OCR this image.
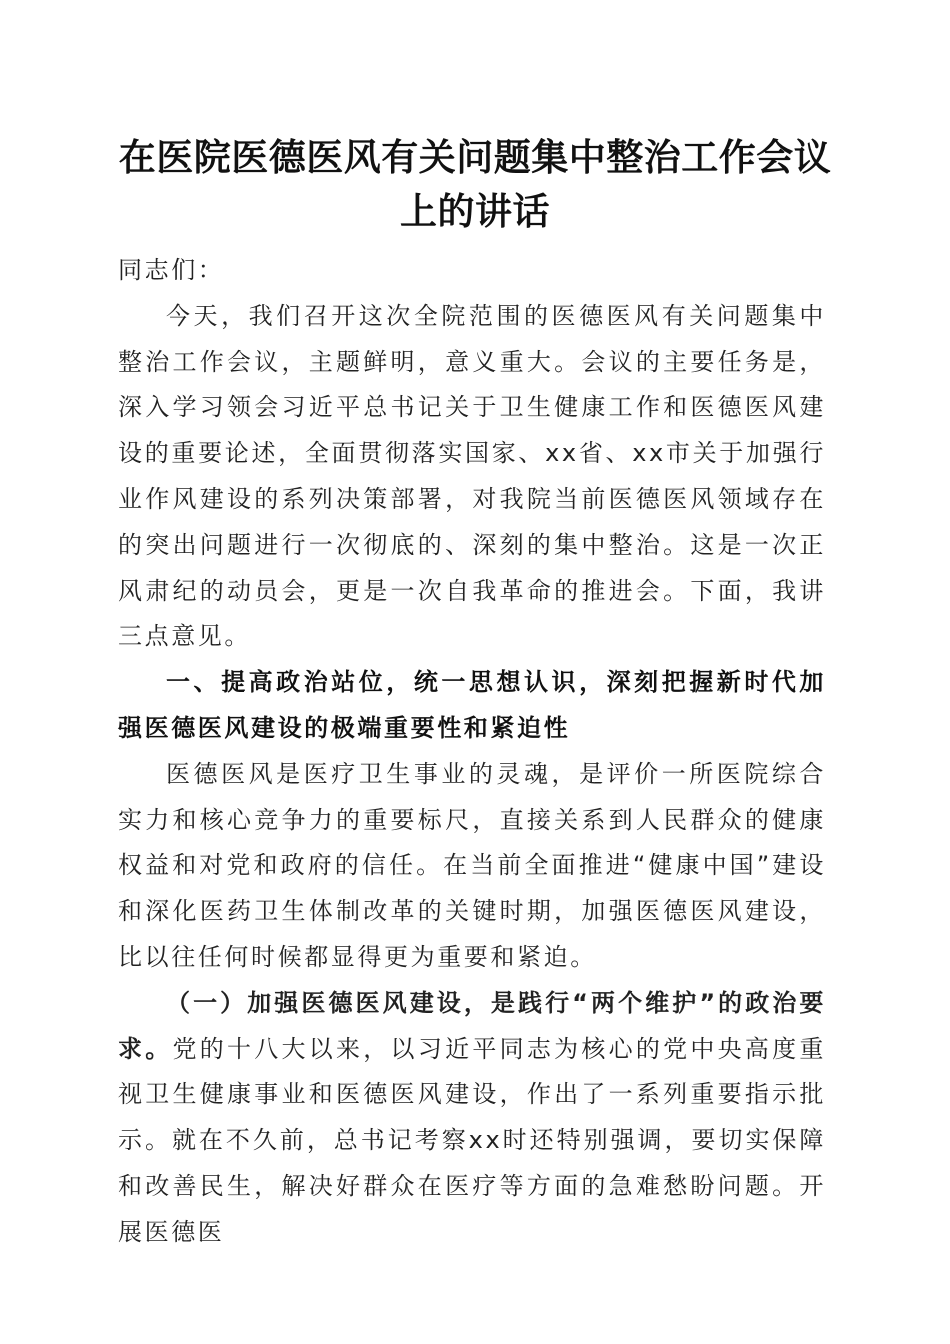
在医院医德医风有关问题集中整治工作会议上的讲话

同志们：

今天，我们召开这次全院范围的医德医风有关问题集中整治工作会议，主题鲜明，意义重大。会议的主要任务是，深入学习领会习近平总书记关于卫生健康工作和医德医风建设的重要论述，全面贯彻落实国家、xx省、xx市关于加强行业作风建设的系列决策部署，对我院当前医德医风领域存在的突出问题进行一次彻底的、深刻的集中整治。这是一次正风肃纪的动员会，更是一次自我革命的推进会。下面，我讲三点意见。

一、提高政治站位，统一思想认识，深刻把握新时代加强医德医风建设的极端重要性和紧迫性

医德医风是医疗卫生事业的灵魂，是评价一所医院综合实力和核心竞争力的重要标尺，直接关系到人民群众的健康权益和对党和政府的信任。在当前全面推进“健康中国”建设和深化医药卫生体制改革的关键时期，加强医德医风建设，比以往任何时候都显得更为重要和紧迫。

（一）加强医德医风建设，是践行“两个维护”的政治要求。党的十八大以来，以习近平同志为核心的党中央高度重视卫生健康事业和医德医风建设，作出了一系列重要指示批示。就在不久前，总书记考察xx时还特别强调，要切实保障和改善民生，解决好群众在医疗等方面的急难愁盼问题。开展医德医
